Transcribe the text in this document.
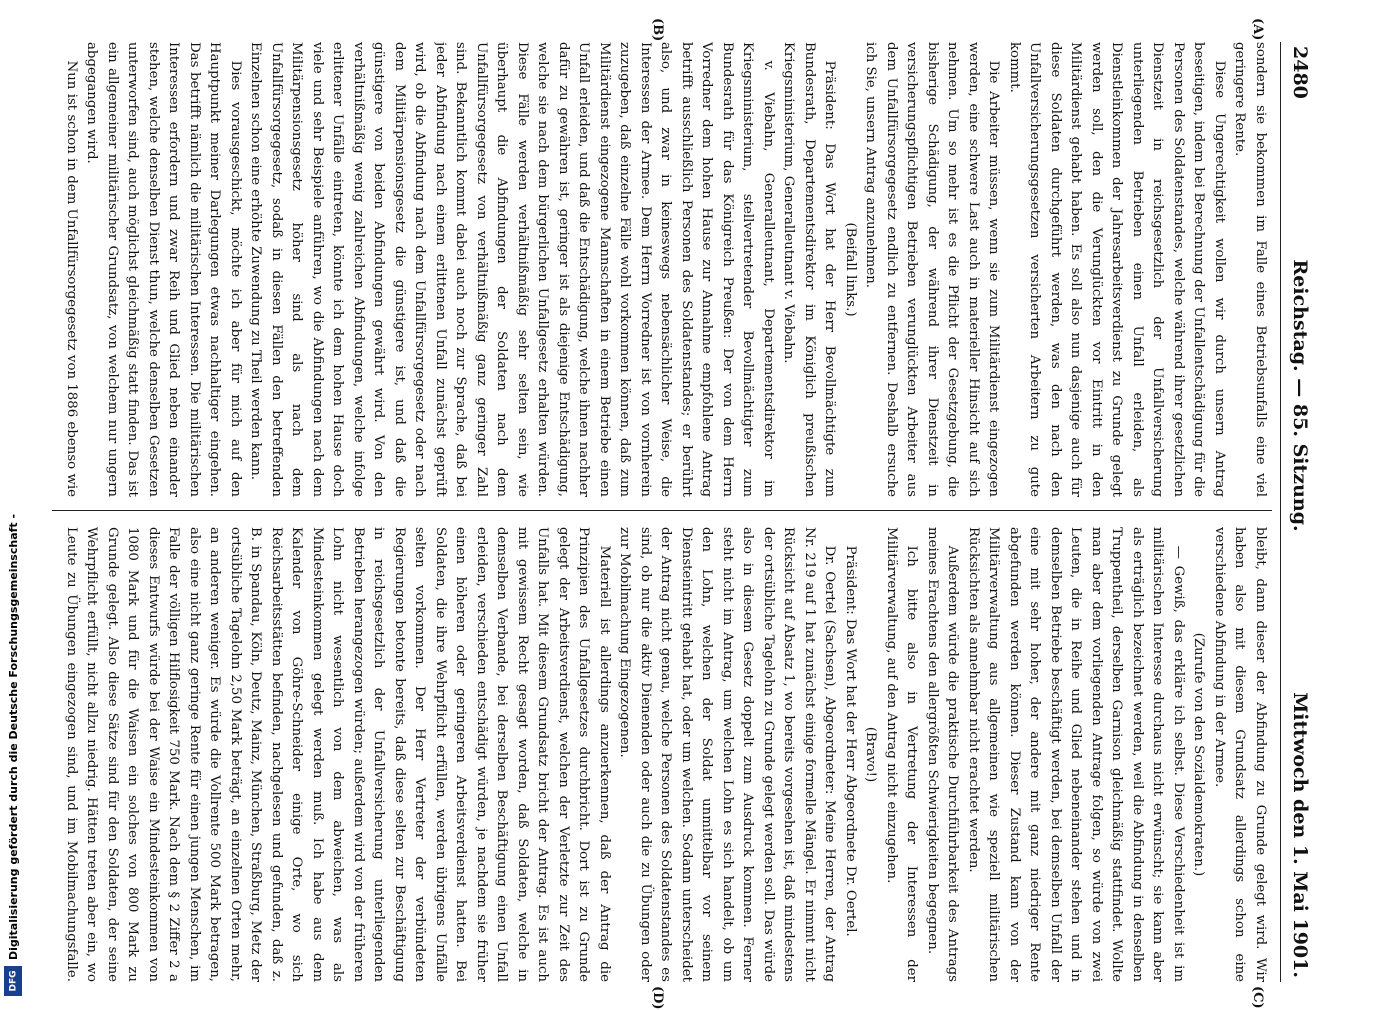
2480
Reichstag. — 85. Sitzung.
Mittwoch den 1. Mai 1901.
(A)
(B)
(C)
(D)

sondern sie bekommen im Falle eines Betriebsunfalls eine viel geringere Rente.

Diese Ungerechtigkeit wollen wir durch unsern Antrag beseitigen, indem bei Berechnung der Unfallentschädigung für die Personen des Soldatenstandes, welche während ihrer gesetzlichen Dienstzeit in reichsgesetzlich der Unfallversicherung unterliegenden Betrieben einen Unfall erleiden, als Dienstleinkommen der Jahresarbeitsverdienst zu Grunde gelegt werden soll, den die Verunglückten vor Eintritt in den Militärdienst gehabt haben. Es soll also nun dasjenige auch für diese Soldaten durchgeführt werden, was den nach den Unfallversicherungsgesetzen versicherten Arbeitern zu gute kommt.

Die Arbeiter müssen, wenn sie zum Militärdienst eingezogen werden, eine schwere Last auch in materieller Hinsicht auf sich nehmen. Um so mehr ist es die Pflicht der Gesetzgebung, die bisherige Schädigung, der während ihrer Dienstzeit in versicherungspflichtigen Betrieben verunglückten Arbeiter aus dem Unfallfürsorgegesetz endlich zu entfernen. Deshalb ersuche ich Sie, unsern Antrag anzunehmen.

(Beifall links.)

Präsident: Das Wort hat der Herr Bevollmächtigte zum Bundesrath, Departementsdirektor im Königlich preußischen Kriegsministerium, Generalleutnant v. Viebahn.

v. Viebahn, Generalleutnant, Departementsdirektor im Kriegsministerium, stellvertretender Bevollmächtigter zum Bundesrath für das Königreich Preußen: Der von dem Herrn Vorredner dem hohen Hause zur Annahme empfohlene Antrag betrifft ausschließlich Personen des Soldatenstandes; er berührt also, und zwar in keineswegs nebensächlicher Weise, die Interessen der Armee. Dem Herrn Vorredner ist von vornherein zuzugeben, daß einzelne Fälle wohl vorkommen können, daß zum Militärdienst eingezogene Mannschaften in einem Betriebe einen Unfall erleiden, und daß die Entschädigung, welche ihnen nachher dafür zu gewähren ist, geringer ist als diejenige Entschädigung, welche sie nach dem bürgerlichen Unfallgesetz erhalten würden. Diese Fälle werden verhältnißmäßig sehr selten sein, wie überhaupt die Abfindungen der Soldaten nach dem Unfallfürsorgegesetz von verhältnißmäßig ganz geringer Zahl sind. Bekanntlich kommt dabei auch noch zur Sprache, daß bei jeder Abfindung nach einem erlittenen Unfall zunächst geprüft wird, ob die Abfindung nach dem Unfallfürsorgegesetz oder nach dem Militärpensionsgesetz die günstigere ist, und daß die günstigere von beiden Abfindungen gewährt wird. Von den verhältnißmäßig wenig zahlreichen Abfindungen, welche infolge erlittener Unfälle eintreten, könnte ich dem hohen Hause doch viele und sehr Beispiele anführen, wo die Abfindungen nach dem Militärpensionsgesetz höher sind als nach dem Unfallfürsorgegesetz, sodaß in diesen Fällen den betreffenden Einzelnen schon eine erhöhte Zuwendung zu Theil werden kann.

Dies vorausgeschickt, möchte ich aber für mich auf den Hauptpunkt meiner Darlegungen etwas nachhaltiger eingehen. Das betrifft nämlich die militärischen Interessen. Die militärischen Interessen erfordern und zwar Reih und Glied neben einander stehen, welche denselben Dienst thun, welche denselben Gesetzen unterworfen sind, auch möglichst gleichmäßig statt finden. Das ist ein allgemeiner militärischer Grundsatz, von welchem nur ungern abgegangen wird.

Nun ist schon in dem Unfallfürsorgegesetz von 1886 ebenso wie

bleibt, dann dieser der Abfindung zu Grunde gelegt wird. Wir haben also mit diesem Grundsatz allerdings schon eine verschiedene Abfindung in der Armee.

(Zurufe von den Sozialdemokraten.)

— Gewiß, das erkläre ich selbst. Diese Verschiedenheit ist im militärischen Interesse durchaus nicht erwünscht; sie kann aber als erträglich bezeichnet werden, weil die Abfindung in denselben Truppentheil, derselben Garnison gleichmäßig stattfindet. Wollte man aber dem vorliegenden Antrage folgen, so würde von zwei Leuten, die in Reihe und Glied nebeneinander stehen und in demselben Betriebe beschäftigt werden, bei demselben Unfall der eine mit sehr hoher, der andere mit ganz niedriger Rente abgefunden werden können. Dieser Zustand kann von der Militärverwaltung aus allgemeinen wie speziell militärischen Rücksichten als annehmbar nicht erachtet werden.

Außerdem würde die praktische Durchführbarkeit des Antrags meines Erachtens den allergrößten Schwierigkeiten begegnen.

Ich bitte also in Vertretung der Interessen der Militärverwaltung, auf den Antrag nicht einzugehen.

(Bravo!)

Präsident: Das Wort hat der Herr Abgeordnete Dr. Oertel.

Dr. Oertel (Sachsen), Abgeordneter: Meine Herren, der Antrag Nr. 219 auf 1 hat zunächst einige formelle Mängel. Er nimmt nicht Rücksicht auf Absatz 1, wo bereits vorgesehen ist, daß mindestens der ortsübliche Tagelohn zu Grunde gelegt werden soll. Das würde also in diesem Gesetz doppelt zum Ausdruck kommen. Ferner steht nicht im Antrag, um welchen Lohn es sich handelt, ob um den Lohn, welchen der Soldat unmittelbar vor seinem Diensteintritt gehabt hat, oder um welchen. Sodann unterscheidet der Antrag nicht genau, welche Personen des Soldatenstandes es sind, ob nur die aktiv Dienenden oder auch die zu Übungen oder zur Mobilmachung Eingezogenen.

Materiell ist allerdings anzuerkennen, daß der Antrag die Prinzipien des Unfallgesetzes durchbricht. Dort ist zu Grunde gelegt der Arbeitsverdienst, welchen der Verletzte zur Zeit des Unfalls hat. Mit diesem Grundsatz bricht der Antrag. Es ist auch mit gewissem Recht gesagt worden, daß Soldaten, welche in demselben Verbande, bei derselben Beschäftigung einen Unfall erleiden, verschieden entschädigt würden, je nachdem sie früher einen höheren oder geringeren Arbeitsverdienst hatten. Bei Soldaten, die ihre Wehrpflicht erfüllen, werden übrigens Unfälle selten vorkommen. Der Herr Vertreter der verbündeten Regierungen betonte bereits, daß diese selten zur Beschäftigung in reichsgesetzlich der Unfallversicherung unterliegenden Betrieben herangezogen würden; außerdem wird von der früheren Lohn nicht wesentlich von dem abweichen, was als Mindesteinkommen gelegt werden muß. Ich habe aus dem Kalender von Göhre-Schneider einige Orte, wo sich Reichsarbeitsstätten befinden, nachgelesen und gefunden, daß z. B. in Spandau, Köln, Deutz, Mainz, München, Straßburg, Metz der ortsübliche Tagelohn 2,50 Mark beträgt, an einzelnen Orten mehr, an anderen weniger. Es würde die Vollrente 500 Mark betragen, also eine nicht ganz geringe Rente für einen jungen Menschen, im Falle der völligen Hilflosigkeit 750 Mark. Nach dem § 2 Ziffer 2 a dieses Entwurfs würde bei der Waise ein Mindesteinkommen von 1080 Mark und für die Waisen ein solches von 800 Mark zu Grunde gelegt. Also diese Sätze sind für den Soldaten, der seine Wehrpflicht erfüllt, nicht allzu niedrig. Hätten treten aber ein, wo Leute zu Übungen eingezogen sind, und im Mobilmachungsfalle.

Digitalisierung gefördert durch die Deutsche Forschungsgemeinschaft -
DFG
